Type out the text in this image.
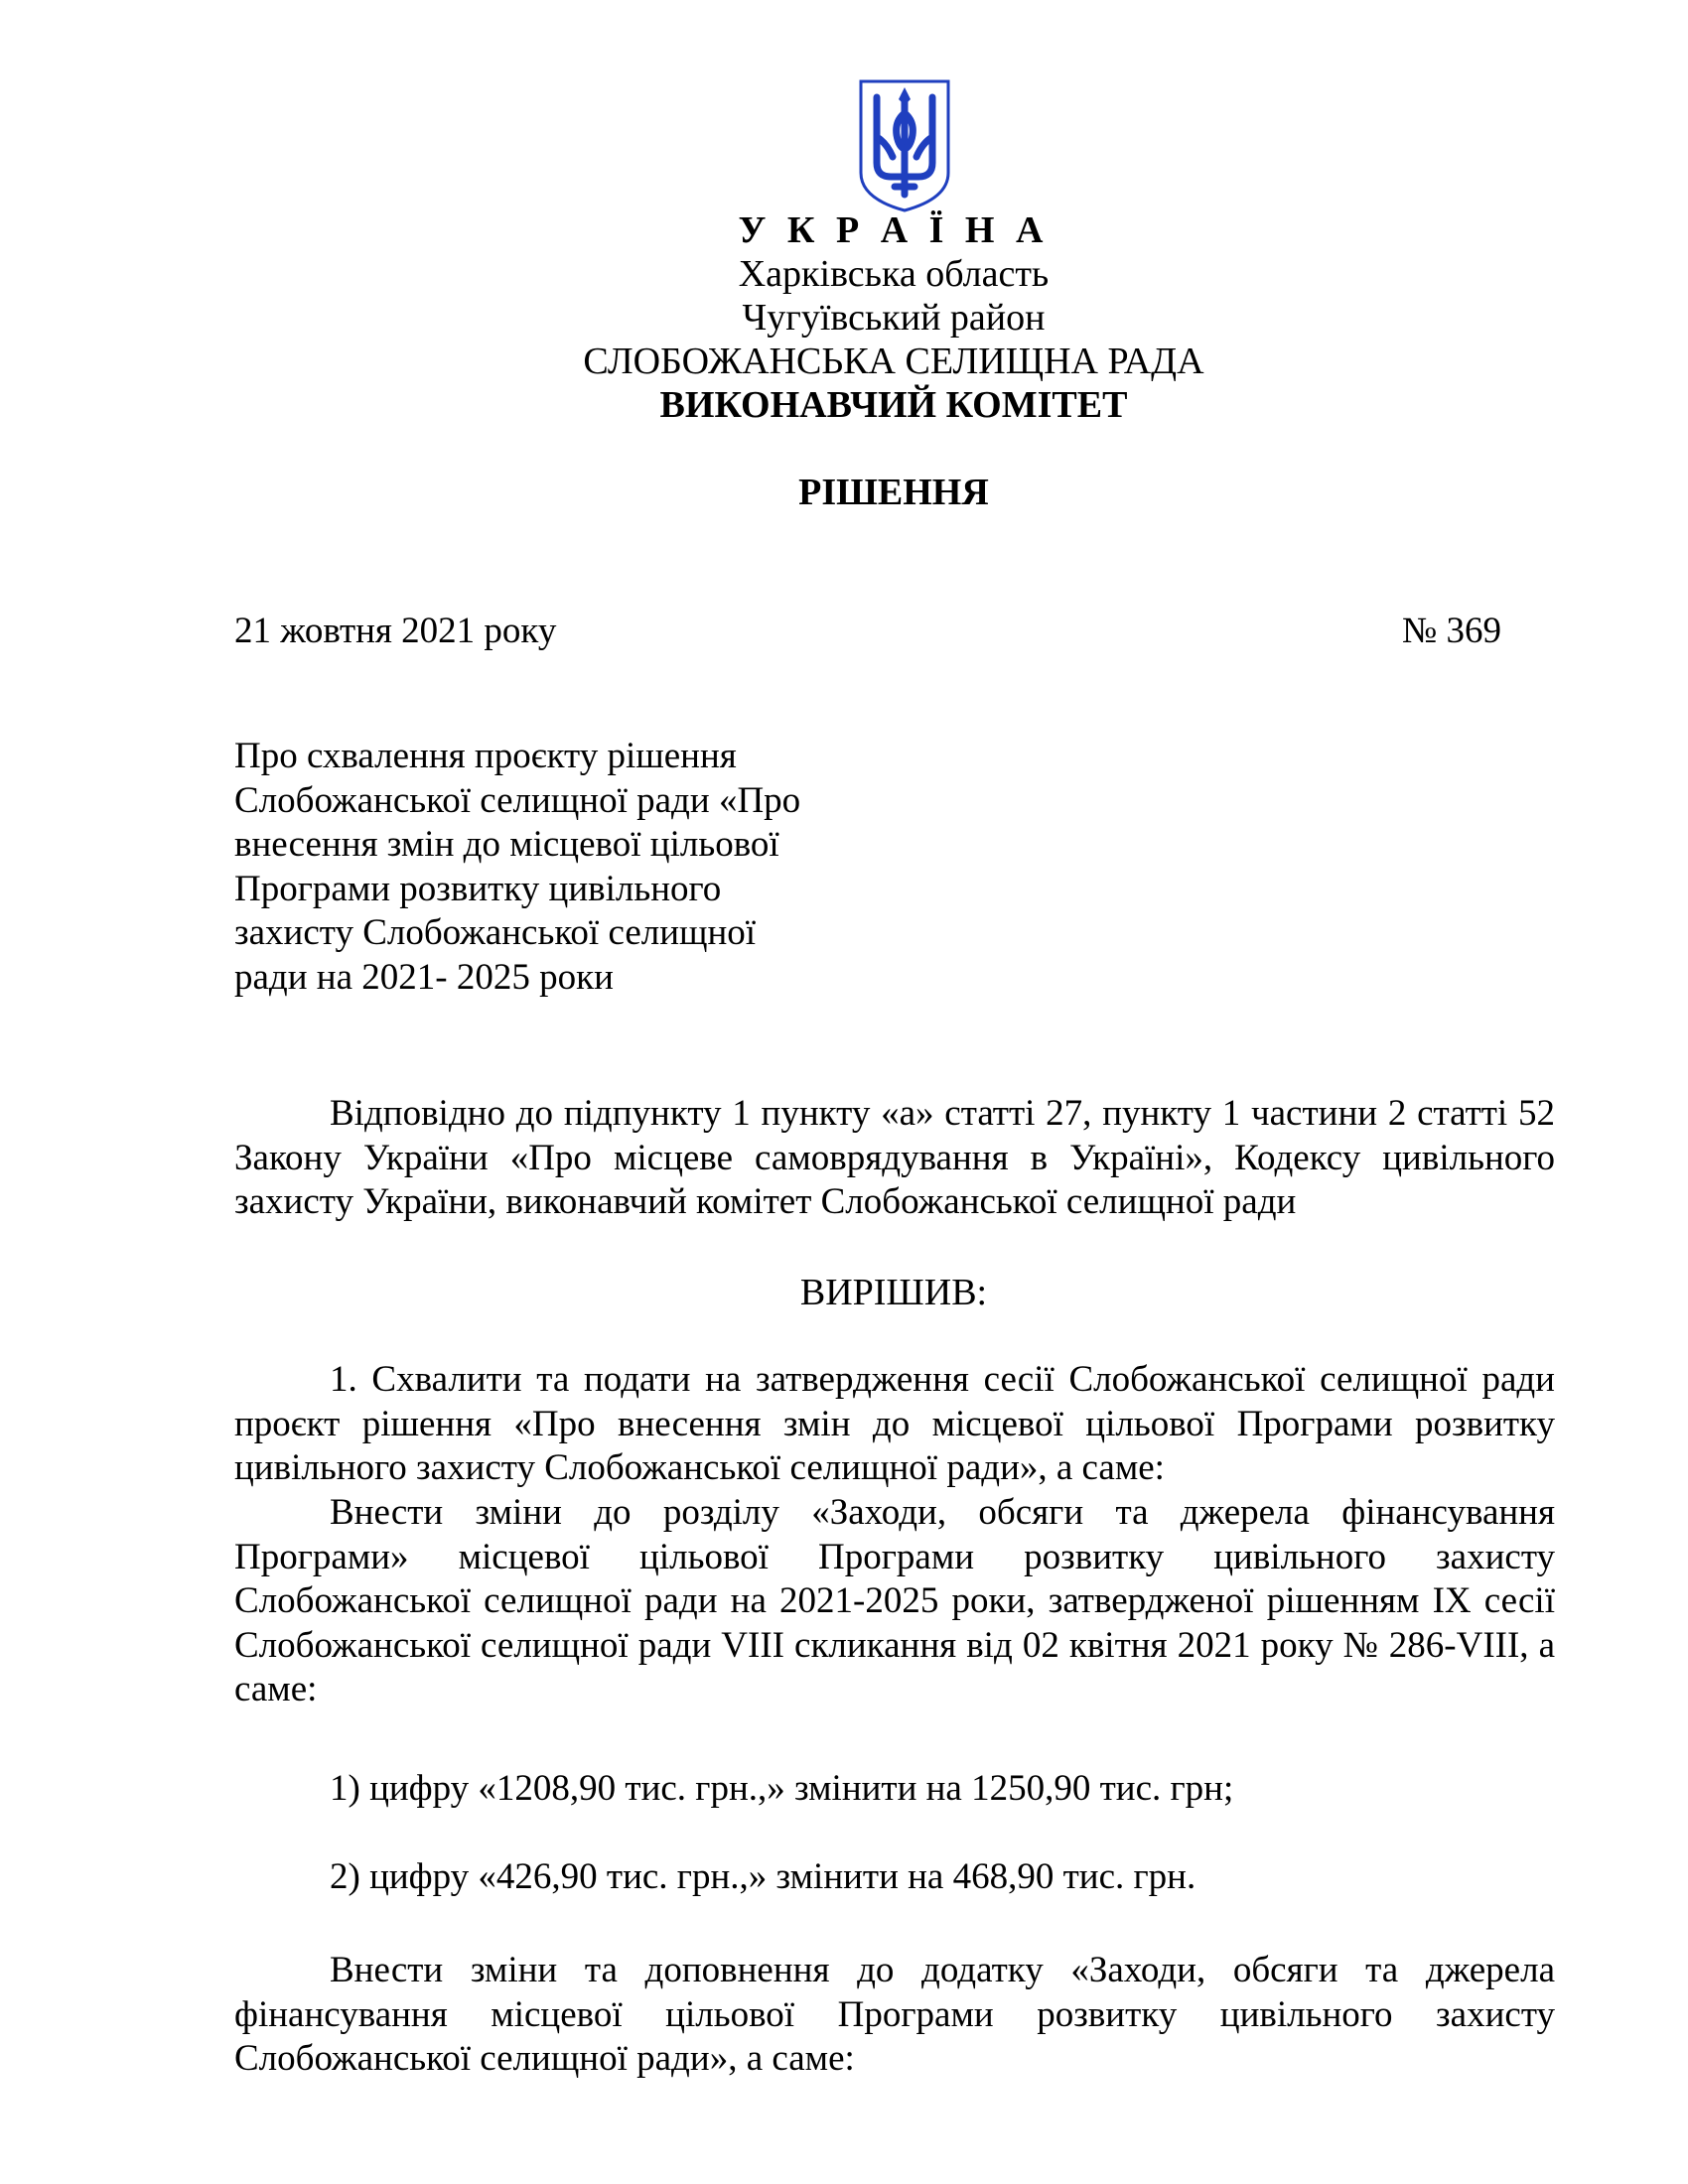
У К Р А Ї Н А
Харківська область
Чугуївський район
СЛОБОЖАНСЬКА СЕЛИЩНА РАДА
ВИКОНАВЧИЙ КОМІТЕТ
РІШЕННЯ
21 жовтня 2021 року	№ 369
Про схвалення проєкту рішення
Слобожанської селищної ради «Про
внесення змін до місцевої цільової
Програми розвитку цивільного
захисту Слобожанської селищної
ради на 2021- 2025 роки
Відповідно до підпункту 1 пункту «а» статті 27, пункту 1 частини 2 статті 52 Закону України «Про місцеве самоврядування в Україні», Кодексу цивільного захисту України, виконавчий комітет Слобожанської селищної ради
ВИРІШИВ:
1. Схвалити та подати на затвердження сесії Слобожанської селищної ради проєкт рішення «Про внесення змін до місцевої цільової Програми розвитку цивільного захисту Слобожанської селищної ради», а саме:
Внести зміни до розділу «Заходи, обсяги та джерела фінансування Програми» місцевої цільової Програми розвитку цивільного захисту Слобожанської селищної ради на 2021-2025 роки, затвердженої рішенням IX сесії Слобожанської селищної ради VIII скликання від 02 квітня 2021 року № 286-VIII, а саме:
1) цифру «1208,90 тис. грн.,» змінити на 1250,90 тис. грн;
2) цифру «426,90 тис. грн.,» змінити на 468,90 тис. грн.
Внести зміни та доповнення до додатку «Заходи, обсяги та джерела фінансування місцевої цільової Програми розвитку цивільного захисту Слобожанської селищної ради», а саме:
